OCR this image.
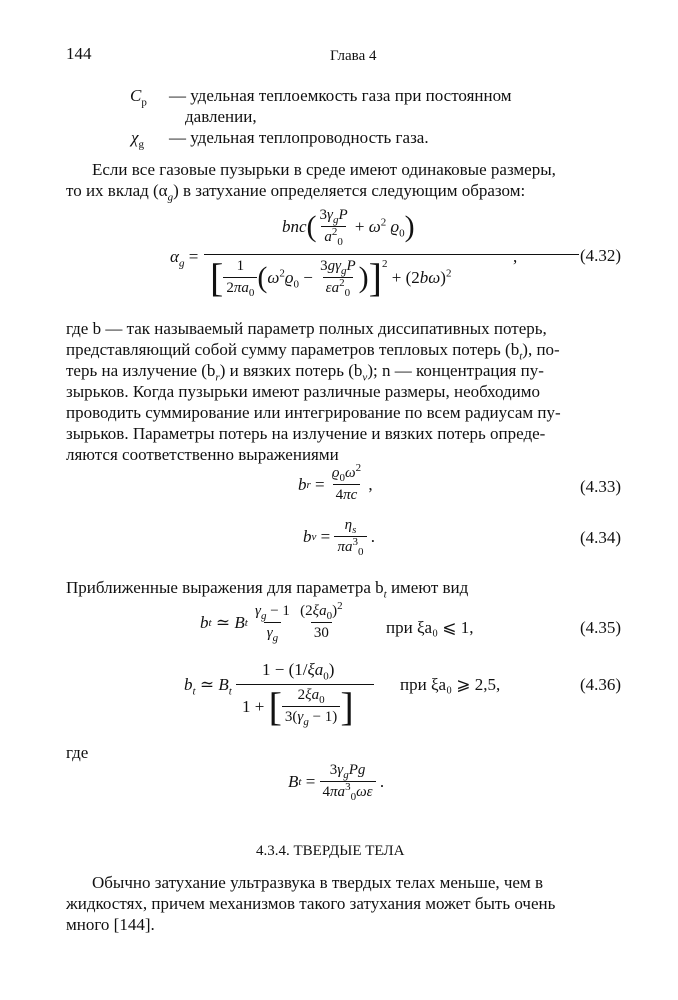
144	Глава 4
$C_p$ — удельная теплоемкость газа при постоянном
давлении,
$\chi_g$ — удельная теплопроводность газа.
Если все газовые пузырьки в среде имеют одинаковые размеры,
то их вклад $(\alpha_g)$ в затухание определяется следующим образом:
$\alpha_g$ =
bnc ( $\frac{3\gamma_gP}{a^2_0} + \omega^2$ $ϱ_0$ )
[ $\frac{1}{2\pi a_0}$ ( $\omega^2ϱ_0 - \frac{3g\gamma_gP}{\varepsilon a^2_0}$ ) ]$^2$
+ $(2b\omega)^2$
,	(4.32)
где b — так называемый параметр полных диссипативных потерь,
представляющий собой сумму параметров тепловых потерь $(b_t)$, по-
терь на излучение $(b_r)$ и вязких потерь $(b_v)$; n — концентрация пу-
зырьков. Когда пузырьки имеют различные размеры, необходимо
проводить суммирование или интегрирование по всем радиусам пу-
зырьков. Параметры потерь на излучение и вязких потерь опреде-
ляются соответственно выражениями
b $r = \frac{ϱ_0\omega^2}{4\pi c}$ ,	(4.33)
b $v = \frac{\eta_s}{\pi a^3_0}$ .	(4.34)
Приближенные выражения для параметра $b_t$ имеют вид
b t ≃ B t
$\frac{\gamma_g - 1}{\gamma_g}$
$\frac{(2\xi a_0)^2}{30}$ при ξa₀ ⩽ 1,	(4.35)
$b_t$ ≃ $B_t$
$1 - (1/\xi a_0)$
1 + [ $\frac{2\xi a_0}{3(\gamma_g - 1)}$ ]	при ξa₀ ⩾ 2,5,	(4.36)
где
B $t = \frac{3\gamma_gPg}{4\pi a^3_0\omega\varepsilon}$ .
4.3.4. ТВЕРДЫЕ ТЕЛА
Обычно затухание ультразвука в твердых телах меньше, чем в
жидкостях, причем механизмов такого затухания может быть очень
много [144].
